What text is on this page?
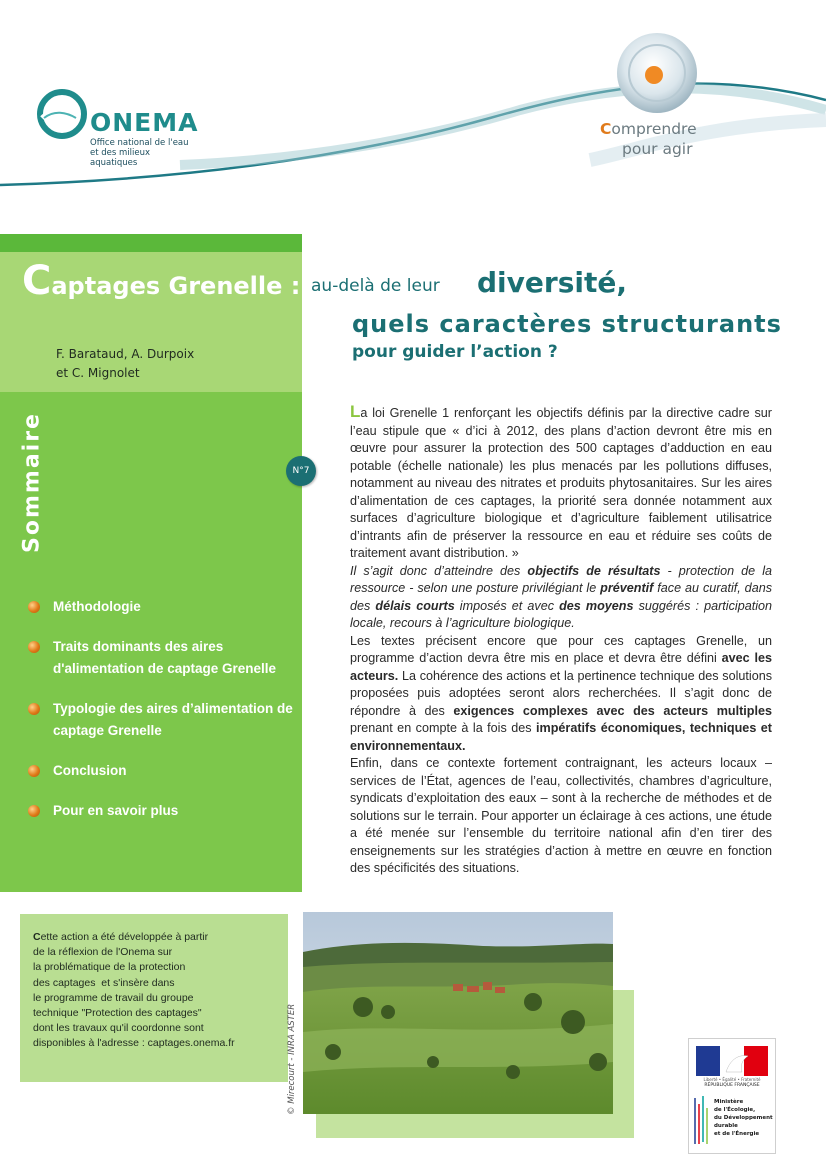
ONEMA
Office national de l'eau
et des milieux aquatiques
Comprendre
pour agir
Captages Grenelle : au-delà de leur diversité,
quels caractères structurants
pour guider l’action ?
F. Barataud, A. Durpoix
et C. Mignolet
Sommaire	N°7
Méthodologie
Traits dominants des aires d'alimentation de captage Grenelle
Typologie des aires d’alimentation de captage Grenelle
Conclusion
Pour en savoir plus

La loi Grenelle 1 renforçant les objectifs définis par la directive cadre sur l’eau stipule que « d’ici à 2012, des plans d’action devront être mis en œuvre pour assurer la protection des 500 captages d’adduction en eau potable (échelle nationale) les plus menacés par les pollutions diffuses, notamment au niveau des nitrates et produits phytosanitaires. Sur les aires d’alimentation de ces captages, la priorité sera donnée notamment aux surfaces d’agriculture biologique et d’agriculture faiblement utilisatrice d’intrants afin de préserver la ressource en eau et réduire ses coûts de traitement avant distribution. »

Il s’agit donc d’atteindre des objectifs de résultats - protection de la ressource - selon une posture privilégiant le préventif face au curatif, dans des délais courts imposés et avec des moyens suggérés : participation locale, recours à l’agriculture biologique.

Les textes précisent encore que pour ces captages Grenelle, un programme d’action devra être mis en place et devra être défini avec les acteurs. La cohérence des actions et la pertinence technique des solutions proposées puis adoptées seront alors recherchées. Il s’agit donc de répondre à des exigences complexes avec des acteurs multiples prenant en compte à la fois des impératifs économiques, techniques et environnementaux.

Enfin, dans ce contexte fortement contraignant, les acteurs locaux – services de l’État, agences de l’eau, collectivités, chambres d’agriculture, syndicats d’exploitation des eaux – sont à la recherche de méthodes et de solutions sur le terrain. Pour apporter un éclairage à ces actions, une étude a été menée sur l’ensemble du territoire national afin d’en tirer des enseignements sur les stratégies d’action à mettre en œuvre en fonction des spécificités des situations.

Cette action a été développée à partir
de la réflexion de l'Onema sur
la problématique de la protection
des captages  et s'insère dans
le programme de travail du groupe
technique "Protection des captages"
dont les travaux qu'il coordonne sont
disponibles à l'adresse : captages.onema.fr	© Mirecourt - INRA ASTER	Liberté • Égalité • Fraternité
RÉPUBLIQUE FRANÇAISE
Ministère
de l'Écologie,
du Développement
durable
et de l'Énergie
